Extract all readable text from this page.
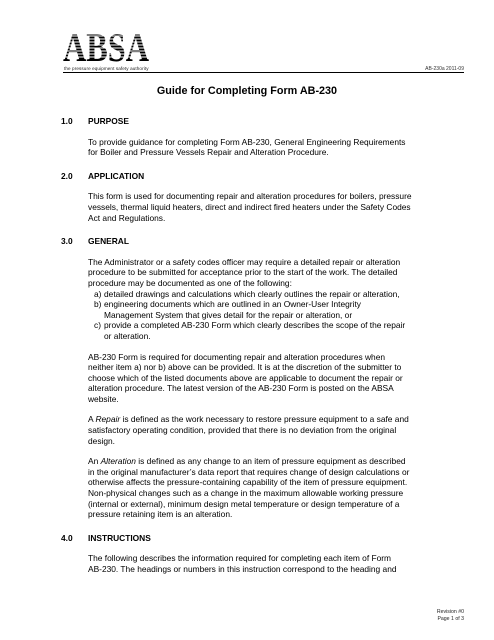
ABSA
the pressure equipment safety authority	AB-230a 2011-09
Guide for Completing Form AB-230
1.0 PURPOSE
To provide guidance for completing Form AB-230, General Engineering Requirements
for Boiler and Pressure Vessels Repair and Alteration Procedure.
2.0 APPLICATION
This form is used for documenting repair and alteration procedures for boilers, pressure
vessels, thermal liquid heaters, direct and indirect fired heaters under the Safety Codes
Act and Regulations.
3.0 GENERAL
The Administrator or a safety codes officer may require a detailed repair or alteration
procedure to be submitted for acceptance prior to the start of the work. The detailed
procedure may be documented as one of the following:
a) detailed drawings and calculations which clearly outlines the repair or alteration,
b) engineering documents which are outlined in an Owner-User Integrity
Management System that gives detail for the repair or alteration, or
c) provide a completed AB-230 Form which clearly describes the scope of the repair
or alteration.
AB-230 Form is required for documenting repair and alteration procedures when
neither item a) nor b) above can be provided. It is at the discretion of the submitter to
choose which of the listed documents above are applicable to document the repair or
alteration procedure. The latest version of the AB-230 Form is posted on the ABSA
website.
A Repair is defined as the work necessary to restore pressure equipment to a safe and
satisfactory operating condition, provided that there is no deviation from the original
design.
An Alteration is defined as any change to an item of pressure equipment as described
in the original manufacturer’s data report that requires change of design calculations or
otherwise affects the pressure-containing capability of the item of pressure equipment.
Non-physical changes such as a change in the maximum allowable working pressure
(internal or external), minimum design metal temperature or design temperature of a
pressure retaining item is an alteration.
4.0 INSTRUCTIONS
The following describes the information required for completing each item of Form
AB-230. The headings or numbers in this instruction correspond to the heading and
Revision #0
Page 1 of 3
